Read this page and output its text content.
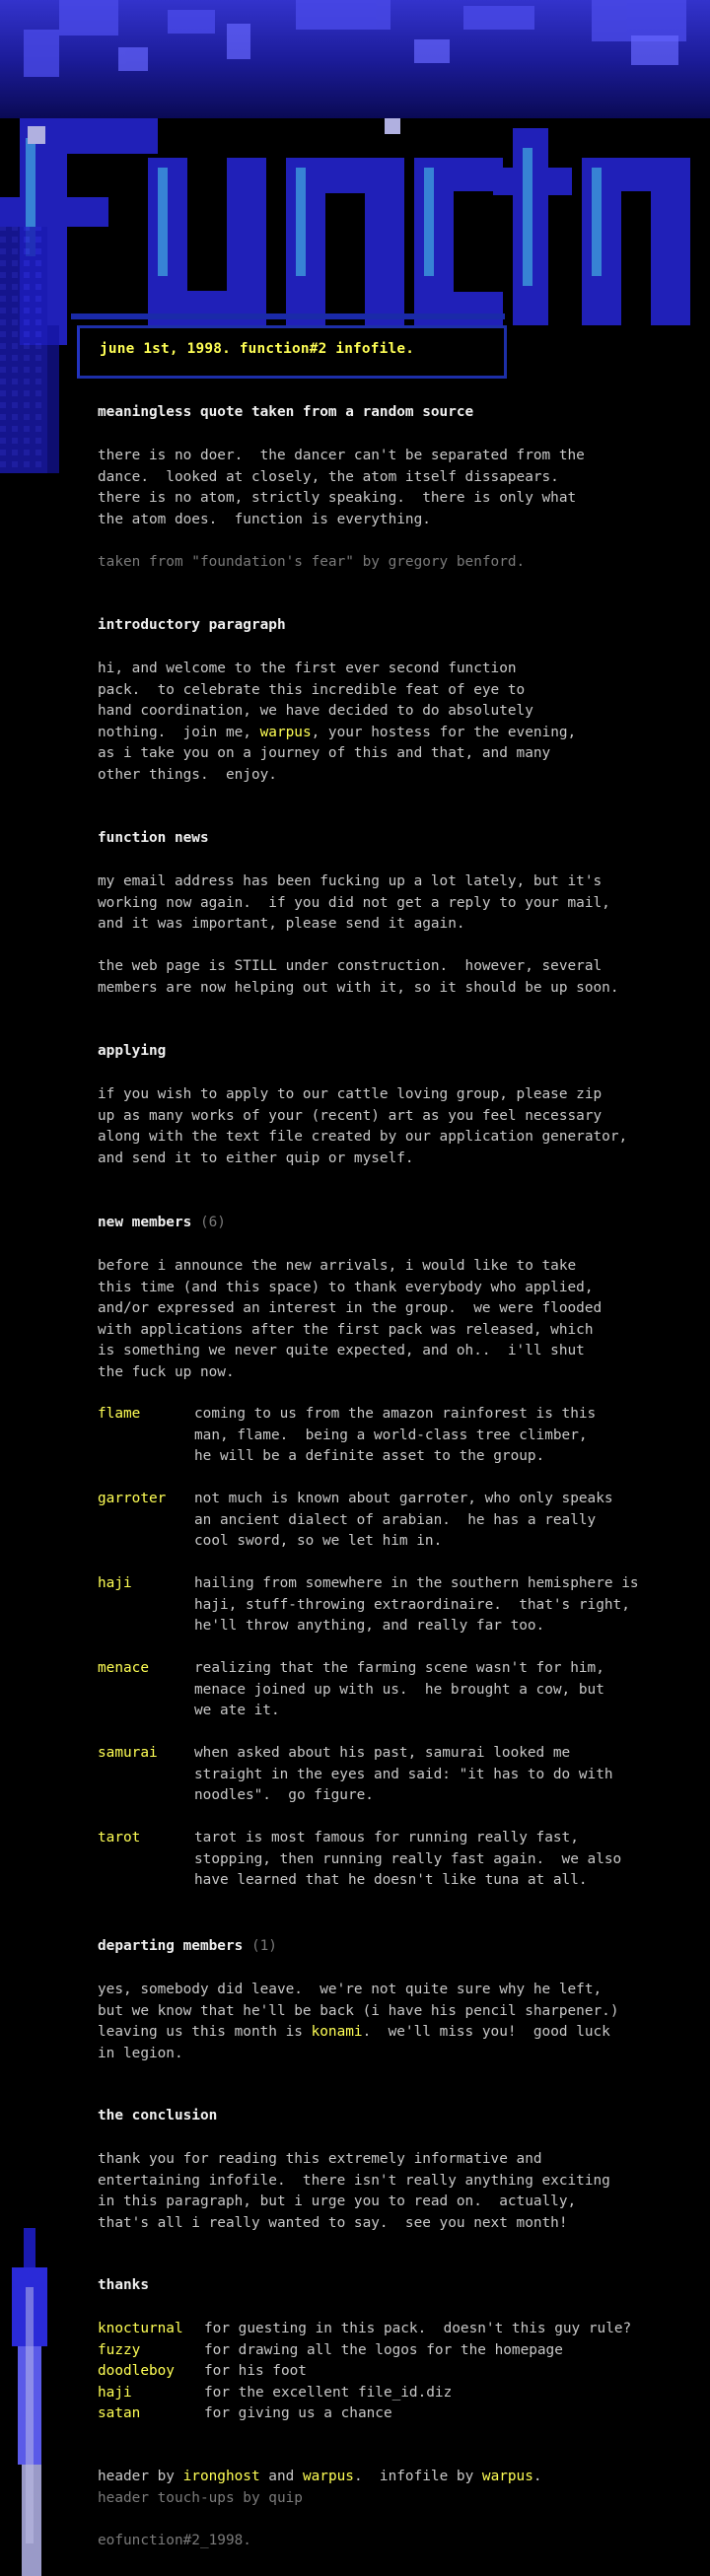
june 1st, 1998. function#2 infofile.
meaningless quote taken from a random source
there is no doer.  the dancer can't be separated from the
dance.  looked at closely, the atom itself dissapears.
there is no atom, strictly speaking.  there is only what
the atom does.  function is everything.
taken from "foundation's fear" by gregory benford.
introductory paragraph
hi, and welcome to the first ever second function
pack.  to celebrate this incredible feat of eye to
hand coordination, we have decided to do absolutely
nothing.  join me, warpus, your hostess for the evening,
as i take you on a journey of this and that, and many
other things.  enjoy.
function news
my email address has been fucking up a lot lately, but it's
working now again.  if you did not get a reply to your mail,
and it was important, please send it again.
the web page is STILL under construction.  however, several
members are now helping out with it, so it should be up soon.
applying
if you wish to apply to our cattle loving group, please zip
up as many works of your (recent) art as you feel necessary
along with the text file created by our application generator,
and send it to either quip or myself.
new members (6)
before i announce the new arrivals, i would like to take
this time (and this space) to thank everybody who applied,
and/or expressed an interest in the group.  we were flooded
with applications after the first pack was released, which
is something we never quite expected, and oh..  i'll shut
the fuck up now.
flame	coming to us from the amazon rainforest is this
man, flame.  being a world-class tree climber,
he will be a definite asset to the group.
garroter not much is known about garroter, who only speaks
an ancient dialect of arabian.  he has a really
cool sword, so we let him in.
haji	hailing from somewhere in the southern hemisphere is
haji, stuff-throwing extraordinaire.  that's right,
he'll throw anything, and really far too.
menace	realizing that the farming scene wasn't for him,
menace joined up with us.  he brought a cow, but
we ate it.
samurai	when asked about his past, samurai looked me
straight in the eyes and said: "it has to do with
noodles".  go figure.
tarot	tarot is most famous for running really fast,
stopping, then running really fast again.  we also
have learned that he doesn't like tuna at all.
departing members (1)
yes, somebody did leave.  we're not quite sure why he left,
but we know that he'll be back (i have his pencil sharpener.)
leaving us this month is konami.  we'll miss you!  good luck
in legion.
the conclusion
thank you for reading this extremely informative and
entertaining infofile.  there isn't really anything exciting
in this paragraph, but i urge you to read on.  actually,
that's all i really wanted to say.  see you next month!
thanks
knocturnal for guesting in this pack.  doesn't this guy rule?
fuzzy	for drawing all the logos for the homepage
doodleboy for his foot
haji	for the excellent file_id.diz
satan	for giving us a chance
header by ironghost and warpus.  infofile by warpus.
header touch-ups by quip
eofunction#2_1998.
